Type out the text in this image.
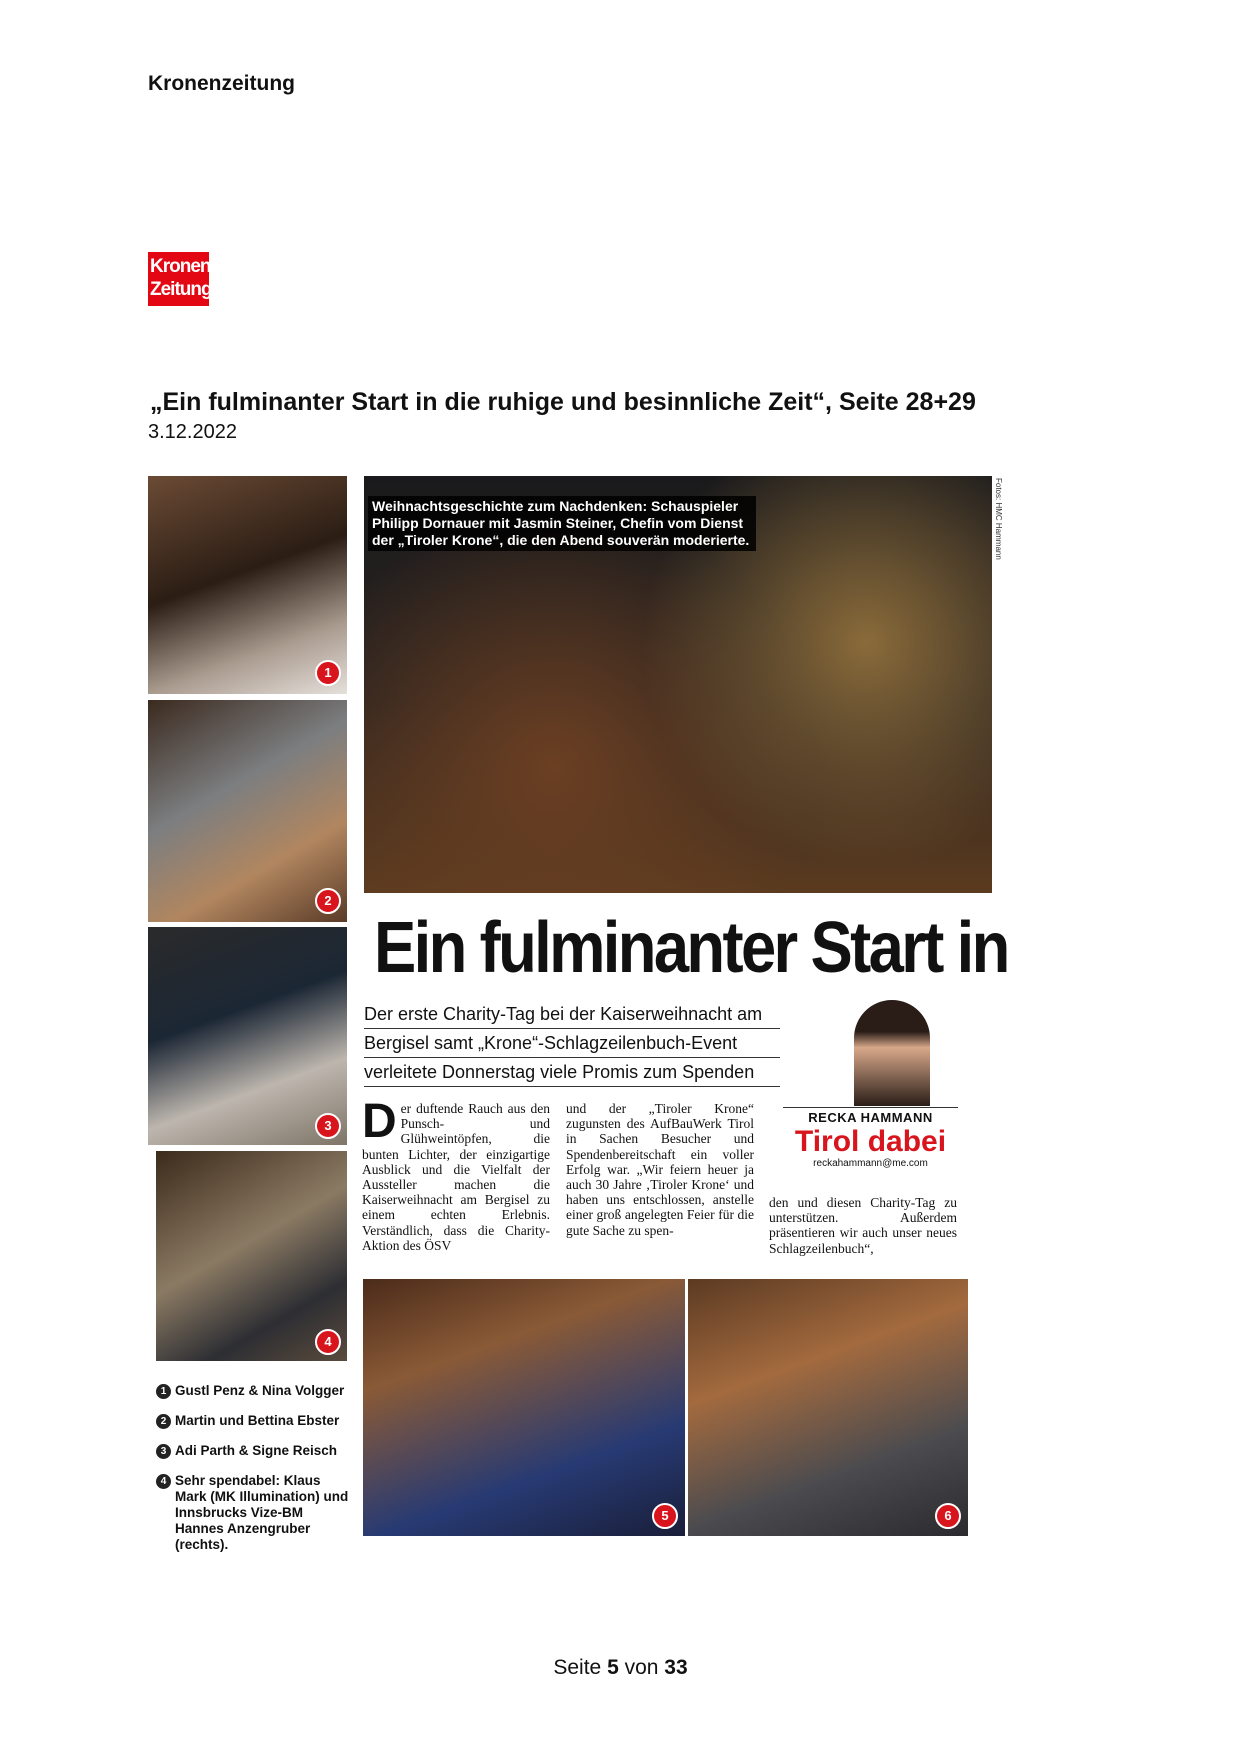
Kronenzeitung
Kronen
Zeitung
„Ein fulminanter Start in die ruhige und besinnliche Zeit“, Seite 28+29
3.12.2022
1
2
3
4
Weihnachtsgeschichte zum Nachdenken: Schauspieler Philipp Dornauer mit Jasmin Steiner, Chefin vom Dienst der „Tiroler Krone“, die den Abend souverän moderierte.	Fotos: HMC Hammann
Ein fulminanter Start in
Der erste Charity-Tag bei der Kaiserweihnacht am
Bergisel samt „Krone“-Schlagzeilenbuch-Event
verleitete Donnerstag viele Promis zum Spenden
Der duftende Rauch aus den Punsch- und Glühweintöpfen, die bunten Lichter, der einzigartige Ausblick und die Vielfalt der Aussteller machen die Kaiserweihnacht am Bergisel zu einem echten Erlebnis. Verständlich, dass die Charity-Aktion des ÖSV
und der „Tiroler Krone“ zugunsten des AufBauWerk Tirol in Sachen Besucher und Spendenbereitschaft ein voller Erfolg war. „Wir feiern heuer ja auch 30 Jahre ‚Tiroler Krone‘ und haben uns entschlossen, anstelle einer groß angelegten Feier für die gute Sache zu spen-
den und diesen Charity-Tag zu unterstützen. Außerdem präsentieren wir auch unser neues Schlagzeilenbuch“,
RECKA HAMMANN
Tirol dabei
reckahammann@me.com
5	6
1 Gustl Penz & Nina Volgger
2 Martin und Bettina Ebster
3 Adi Parth & Signe Reisch
4 Sehr spendabel: Klaus Mark (MK Illumination) und Innsbrucks Vize-BM Hannes Anzengruber (rechts).
Seite 5 von 33
